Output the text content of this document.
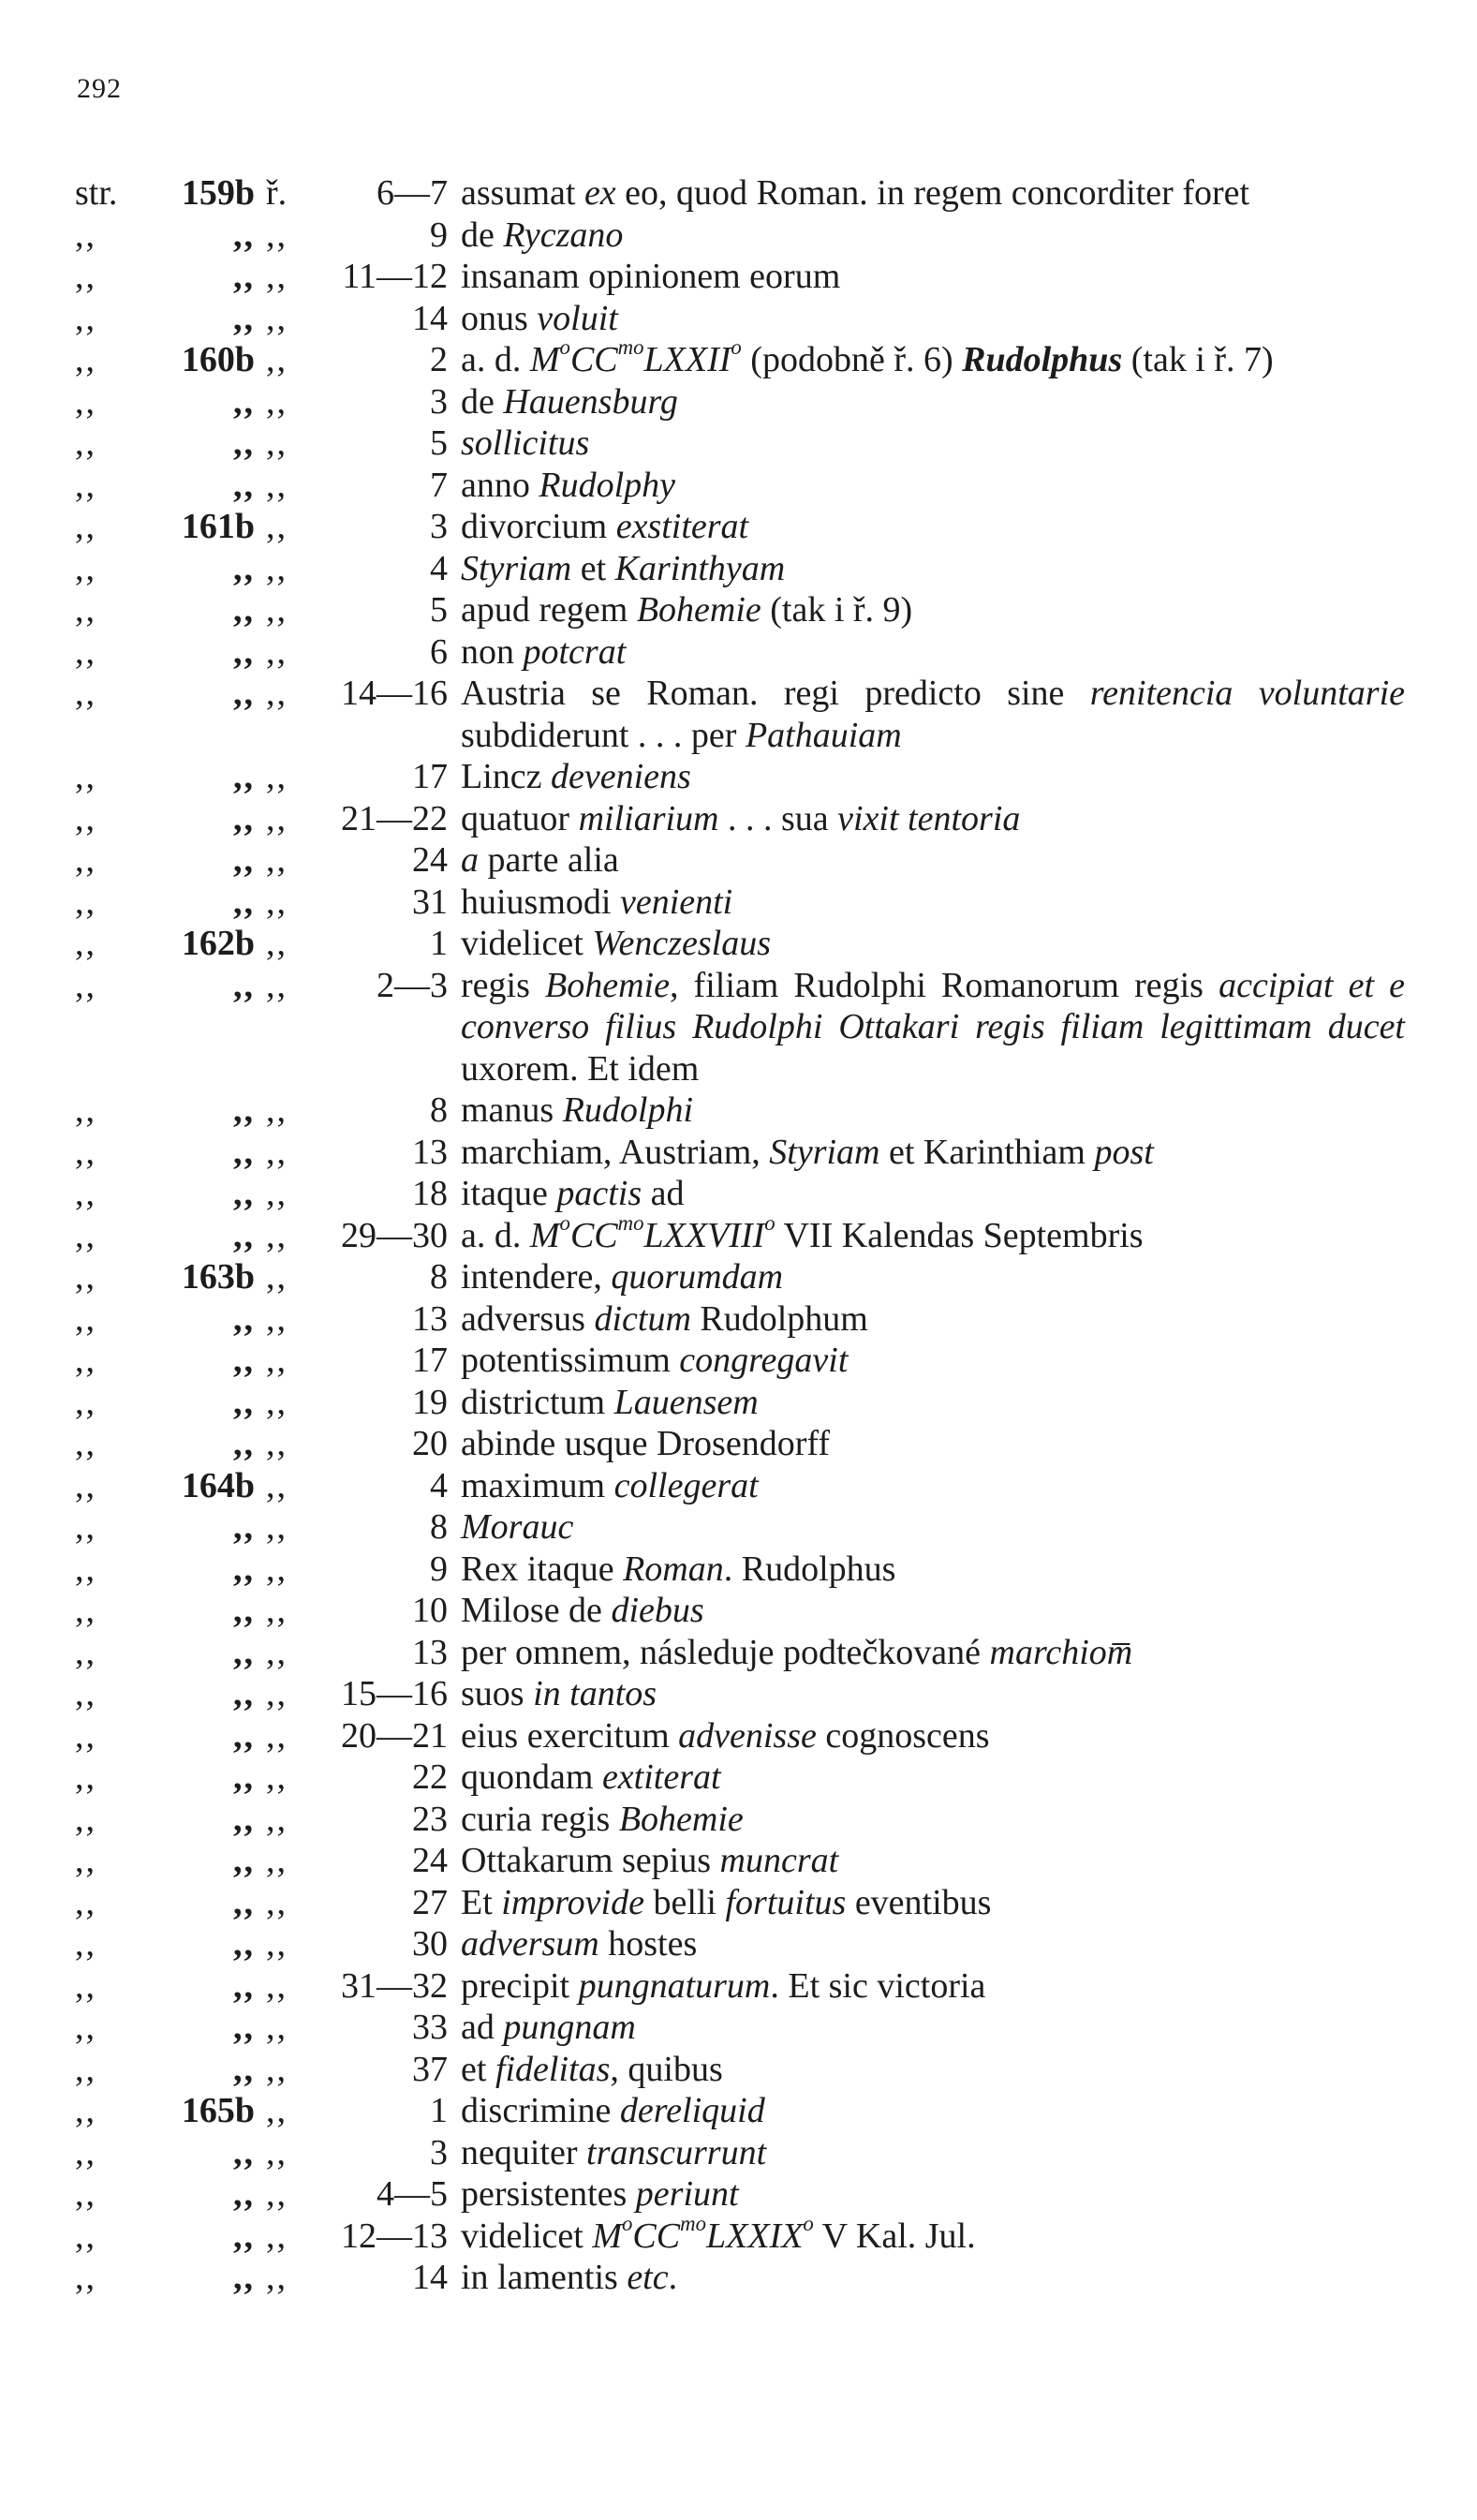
292
str.	159b ř.	6—7 assumat ex eo, quod Roman. in regem concorditer foret
,,	,, ,,	9 de Ryczano
,,	,, ,,	11—12 insanam opinionem eorum
,,	,, ,,	14 onus voluit
,,	160b ,,	2 a. d. $M^oCC^{mo}LXXII^o$ (podobně ř. 6) Rudolphus (tak i ř. 7)
,,	,, ,,	3 de Hauensburg
,,	,, ,,	5 sollicitus
,,	,, ,,	7 anno Rudolphy
,,	161b ,,	3 divorcium exstiterat
,,	,, ,,	4 Styriam et Karinthyam
,,	,, ,,	5 apud regem Bohemie (tak i ř. 9)
,,	,, ,,	6 non potcrat
,,	,, ,,	14—16 Austria se Roman. regi predicto sine renitencia voluntarie subdiderunt . . . per Pathauiam
,,	,, ,,	17 Lincz deveniens
,,	,, ,,	21—22 quatuor miliarium . . . sua vixit tentoria
,,	,, ,,	24 a parte alia
,,	,, ,,	31 huiusmodi venienti
,,	162b ,,	1 videlicet Wenczeslaus
,,	,, ,,	2—3 regis Bohemie, filiam Rudolphi Romanorum regis accipiat et e converso filius Rudolphi Ottakari regis filiam legittimam ducet uxorem. Et idem
,,	,, ,,	8 manus Rudolphi
,,	,, ,,	13 marchiam, Austriam, Styriam et Karinthiam post
,,	,, ,,	18 itaque pactis ad
,,	,, ,,	29—30 a. d. $M^oCC^{mo}LXXVIII^o$ VII Kalendas Septembris
,,	163b ,,	8 intendere, quorumdam
,,	,, ,,	13 adversus dictum Rudolphum
,,	,, ,,	17 potentissimum congregavit
,,	,, ,,	19 districtum Lauensem
,,	,, ,,	20 abinde usque Drosendorff
,,	164b ,,	4 maximum collegerat
,,	,, ,,	8 Morauc
,,	,, ,,	9 Rex itaque Roman. Rudolphus
,,	,, ,,	10 Milose de diebus
,,	,, ,,	13 per omnem, následuje podtečkované marchiom̅
,,	,, ,,	15—16 suos in tantos
,,	,, ,,	20—21 eius exercitum advenisse cognoscens
,,	,, ,,	22 quondam extiterat
,,	,, ,,	23 curia regis Bohemie
,,	,, ,,	24 Ottakarum sepius muncrat
,,	,, ,,	27 Et improvide belli fortuitus eventibus
,,	,, ,,	30 adversum hostes
,,	,, ,,	31—32 precipit pungnaturum. Et sic victoria
,,	,, ,,	33 ad pungnam
,,	,, ,,	37 et fidelitas, quibus
,,	165b ,,	1 discrimine dereliquid
,,	,, ,,	3 nequiter transcurrunt
,,	,, ,,	4—5 persistentes periunt
,,	,, ,,	12—13 videlicet $M^oCC^{mo}LXXIX^o$ V Kal. Jul.
,,	,, ,,	14 in lamentis etc.
